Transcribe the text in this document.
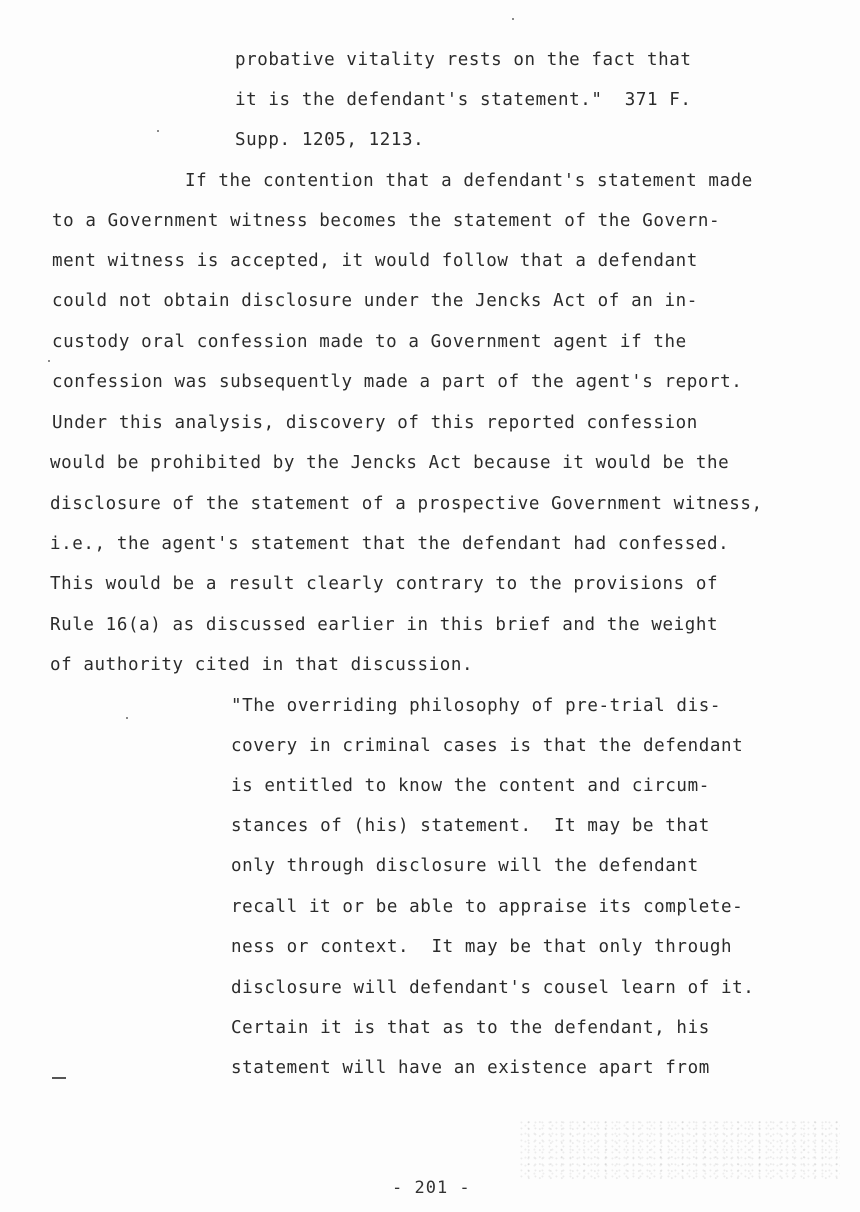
probative vitality rests on the fact that
it is the defendant's statement."  371 F.
Supp. 1205, 1213.
If the contention that a defendant's statement made
to a Government witness becomes the statement of the Govern-
ment witness is accepted, it would follow that a defendant
could not obtain disclosure under the Jencks Act of an in-
custody oral confession made to a Government agent if the
confession was subsequently made a part of the agent's report.
Under this analysis, discovery of this reported confession
would be prohibited by the Jencks Act because it would be the
disclosure of the statement of a prospective Government witness,
i.e., the agent's statement that the defendant had confessed.
This would be a result clearly contrary to the provisions of
Rule 16(a) as discussed earlier in this brief and the weight
of authority cited in that discussion.
"The overriding philosophy of pre-trial dis-
covery in criminal cases is that the defendant
is entitled to know the content and circum-
stances of (his) statement.  It may be that
only through disclosure will the defendant
recall it or be able to appraise its complete-
ness or context.  It may be that only through
disclosure will defendant's cousel learn of it.
Certain it is that as to the defendant, his
statement will have an existence apart from
- 201 -
